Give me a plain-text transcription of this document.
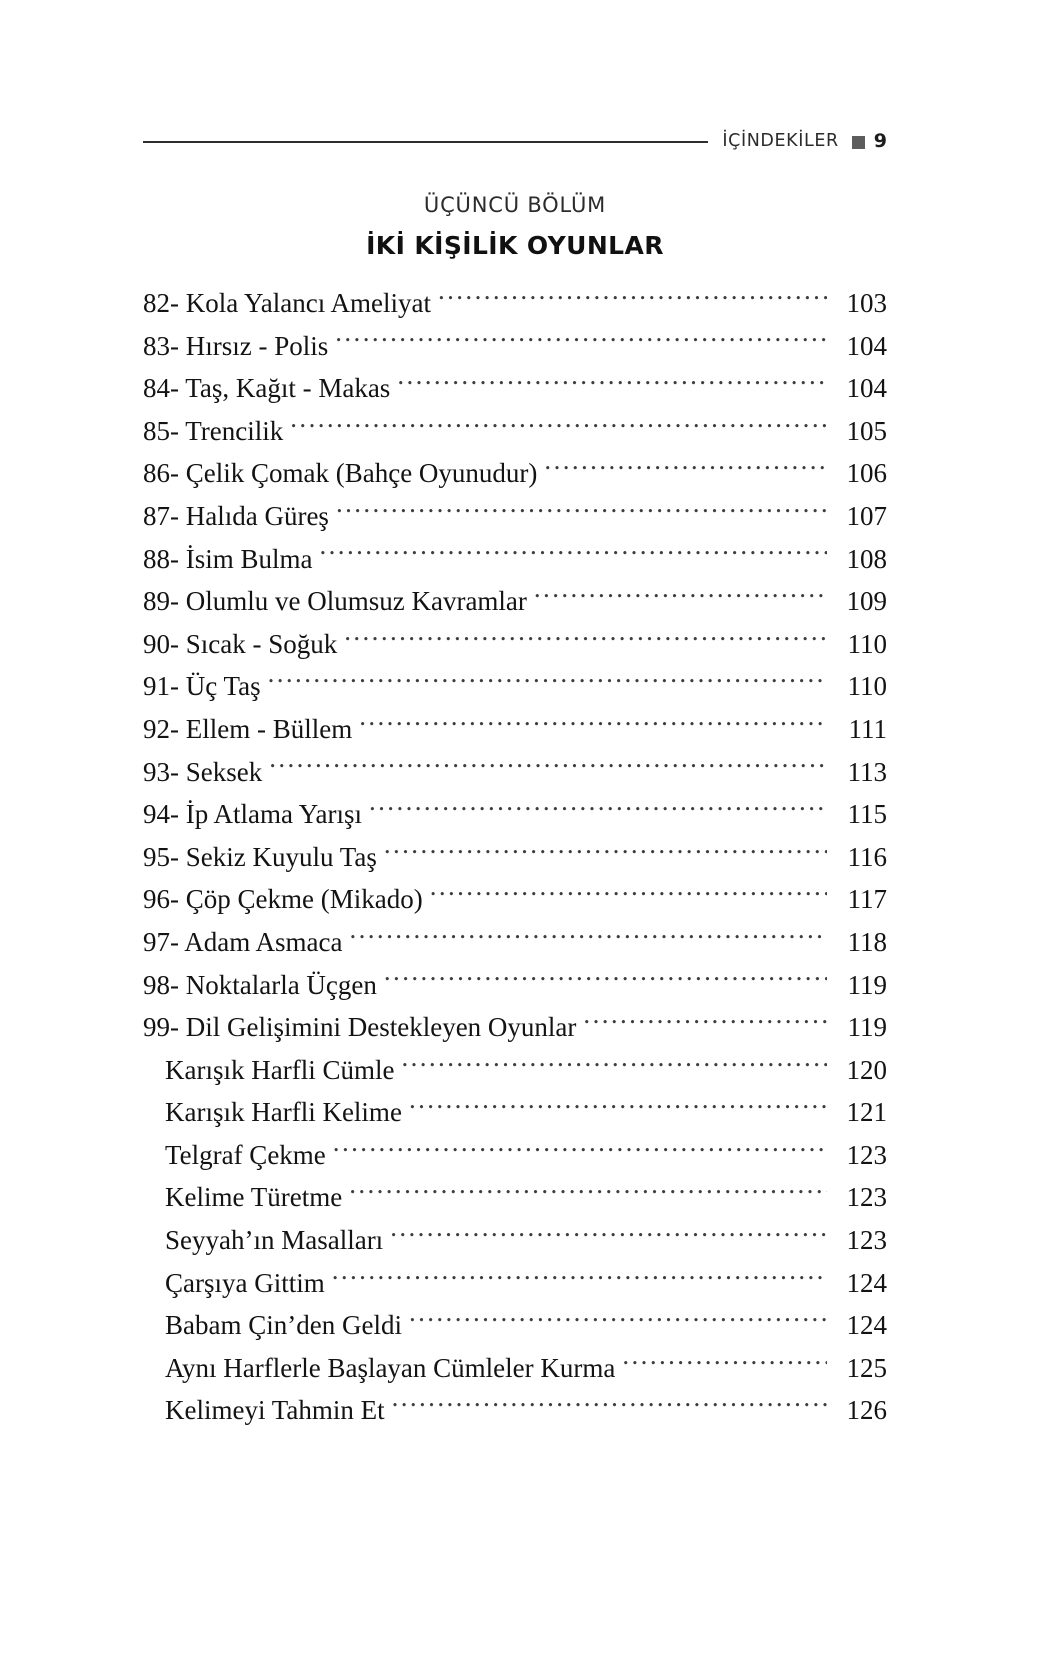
İÇİNDEKİLER 9
ÜÇÜNCÜ BÖLÜM
İKİ KİŞİLİK OYUNLAR
82- Kola Yalancı Ameliyat .....	103
83- Hırsız - Polis .....	104
84- Taş, Kağıt - Makas .....	104
85- Trencilik .....	105
86- Çelik Çomak (Bahçe Oyunudur) .....	106
87- Halıda Güreş .....	107
88- İsim Bulma .....	108
89- Olumlu ve Olumsuz Kavramlar .....	109
90- Sıcak - Soğuk .....	110
91- Üç Taş .....	110
92- Ellem - Büllem .....	111
93- Seksek .....	113
94- İp Atlama Yarışı .....	115
95- Sekiz Kuyulu Taş .....	116
96- Çöp Çekme (Mikado) .....	117
97- Adam Asmaca .....	118
98- Noktalarla Üçgen .....	119
99- Dil Gelişimini Destekleyen Oyunlar .....	119
Karışık Harfli Cümle .....	120
Karışık Harfli Kelime .....	121
Telgraf Çekme .....	123
Kelime Türetme .....	123
Seyyah’ın Masalları .....	123
Çarşıya Gittim .....	124
Babam Çin’den Geldi .....	124
Aynı Harflerle Başlayan Cümleler Kurma .....	125
Kelimeyi Tahmin Et .....	126
